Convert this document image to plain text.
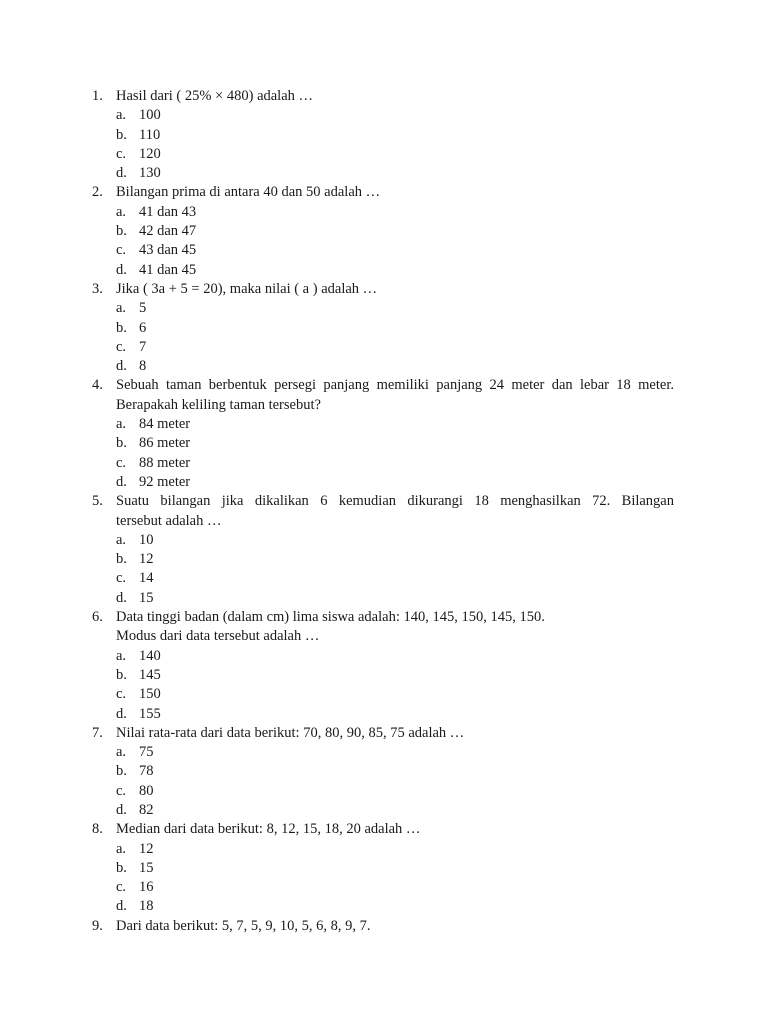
1. Hasil dari ( 25% × 480) adalah …
a. 100
b. 110
c. 120
d. 130
2. Bilangan prima di antara 40 dan 50 adalah …
a. 41 dan 43
b. 42 dan 47
c. 43 dan 45
d. 41 dan 45
3. Jika ( 3a + 5 = 20), maka nilai ( a ) adalah …
a. 5
b. 6
c. 7
d. 8
4. Sebuah taman berbentuk persegi panjang memiliki panjang 24 meter dan lebar 18 meter.
Berapakah keliling taman tersebut?
a. 84 meter
b. 86 meter
c. 88 meter
d. 92 meter
5. Suatu bilangan jika dikalikan 6 kemudian dikurangi 18 menghasilkan 72. Bilangan
tersebut adalah …
a. 10
b. 12
c. 14
d. 15
6. Data tinggi badan (dalam cm) lima siswa adalah: 140, 145, 150, 145, 150.
Modus dari data tersebut adalah …
a. 140
b. 145
c. 150
d. 155
7. Nilai rata-rata dari data berikut: 70, 80, 90, 85, 75 adalah …
a. 75
b. 78
c. 80
d. 82
8. Median dari data berikut: 8, 12, 15, 18, 20 adalah …
a. 12
b. 15
c. 16
d. 18
9. Dari data berikut: 5, 7, 5, 9, 10, 5, 6, 8, 9, 7.
